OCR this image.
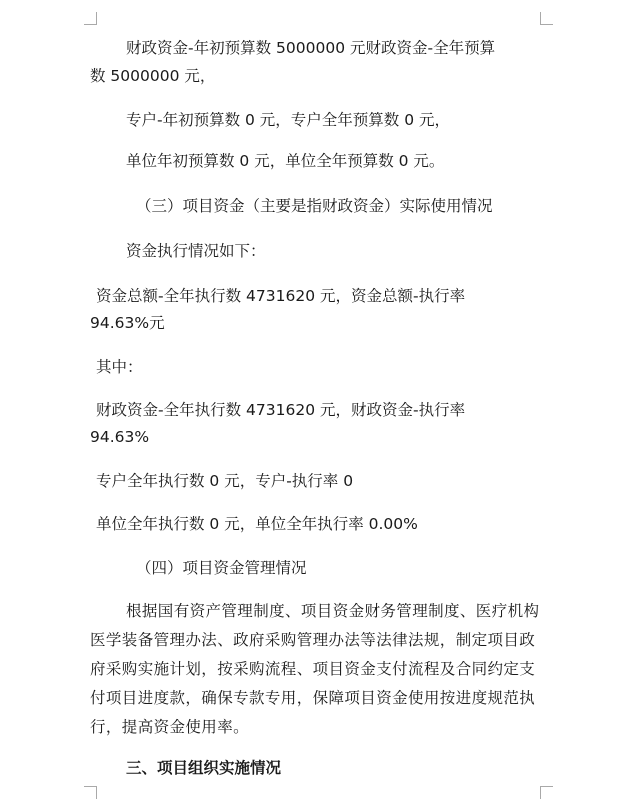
财政资金-年初预算数 5000000 元财政资金-全年预算

数 5000000 元，

专户-年初预算数 0 元，专户全年预算数 0 元，

单位年初预算数 0 元，单位全年预算数 0 元。

（三）项目资金（主要是指财政资金）实际使用情况

资金执行情况如下：

资金总额-全年执行数 4731620 元，资金总额-执行率

94.63%元

其中：

财政资金-全年执行数 4731620 元，财政资金-执行率

94.63%

专户全年执行数 0 元，专户-执行率 0

单位全年执行数 0 元，单位全年执行率 0.00%

（四）项目资金管理情况

根据国有资产管理制度、项目资金财务管理制度、医疗机构医学装备管理办法、政府采购管理办法等法律法规，制定项目政府采购实施计划，按采购流程、项目资金支付流程及合同约定支付项目进度款，确保专款专用，保障项目资金使用按进度规范执行，提高资金使用率。

三、项目组织实施情况
